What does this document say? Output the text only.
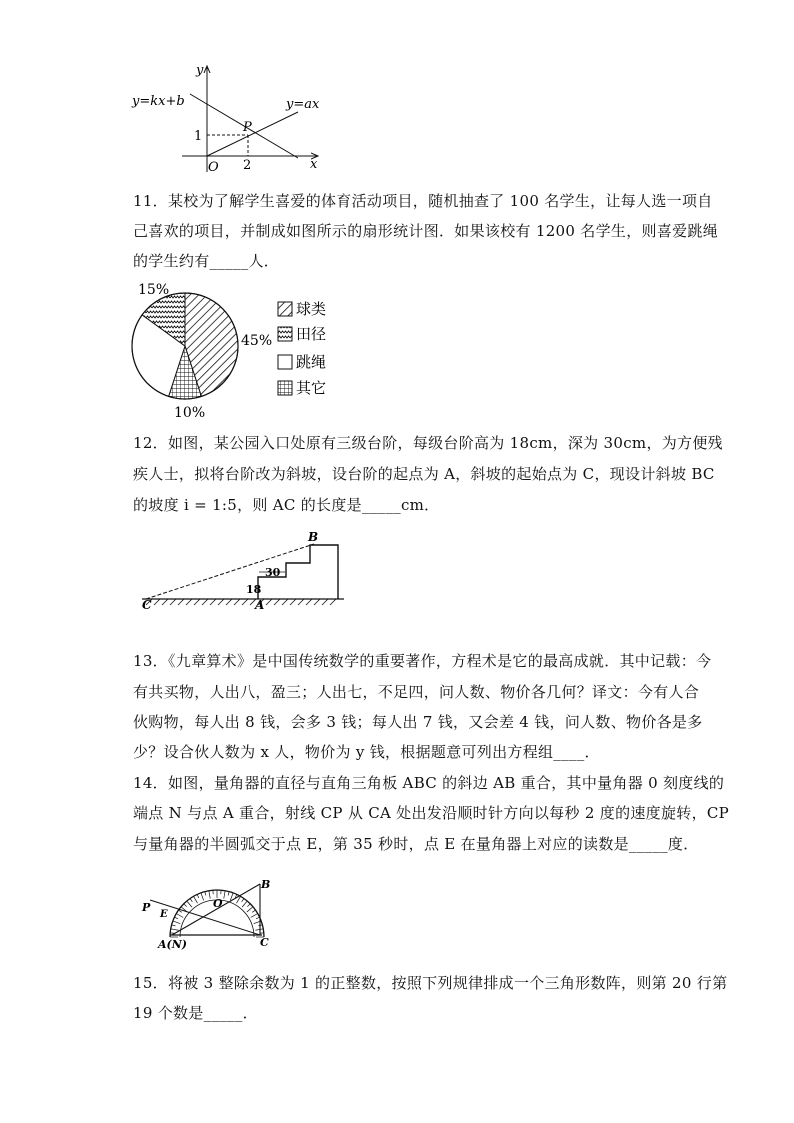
y
x
O
y=kx+b	y=ax
P
1
2
11．某校为了解学生喜爱的体育活动项目，随机抽查了 100 名学生，让每人选一项自
己喜欢的项目，并制成如图所示的扇形统计图．如果该校有 1200 名学生，则喜爱跳绳
的学生约有_____人．
15%
45%
10%
球类
田径
跳绳
其它
12．如图，某公园入口处原有三级台阶，每级台阶高为 18cm，深为 30cm，为方便残
疾人士，拟将台阶改为斜坡，设台阶的起点为 A，斜坡的起始点为 C，现设计斜坡 BC
的坡度 i = 1:5，则 AC 的长度是_____cm．
30
18
B
C	A
13．《九章算术》是中国传统数学的重要著作，方程术是它的最高成就．其中记载：今
有共买物，人出八，盈三；人出七，不足四，问人数、物价各几何？译文：今有人合
伙购物，每人出 8 钱，会多 3 钱；每人出 7 钱，又会差 4 钱，问人数、物价各是多
少？设合伙人数为 x 人，物价为 y 钱，根据题意可列出方程组____．
14．如图，量角器的直径与直角三角板 ABC 的斜边 AB 重合，其中量角器 0 刻度线的
端点 N 与点 A 重合，射线 CP 从 CA 处出发沿顺时针方向以每秒 2 度的速度旋转，CP
与量角器的半圆弧交于点 E，第 35 秒时，点 E 在量角器上对应的读数是_____度．
B
P
E
O
A(N)	C
15．将被 3 整除余数为 1 的正整数，按照下列规律排成一个三角形数阵，则第 20 行第
19 个数是_____．
